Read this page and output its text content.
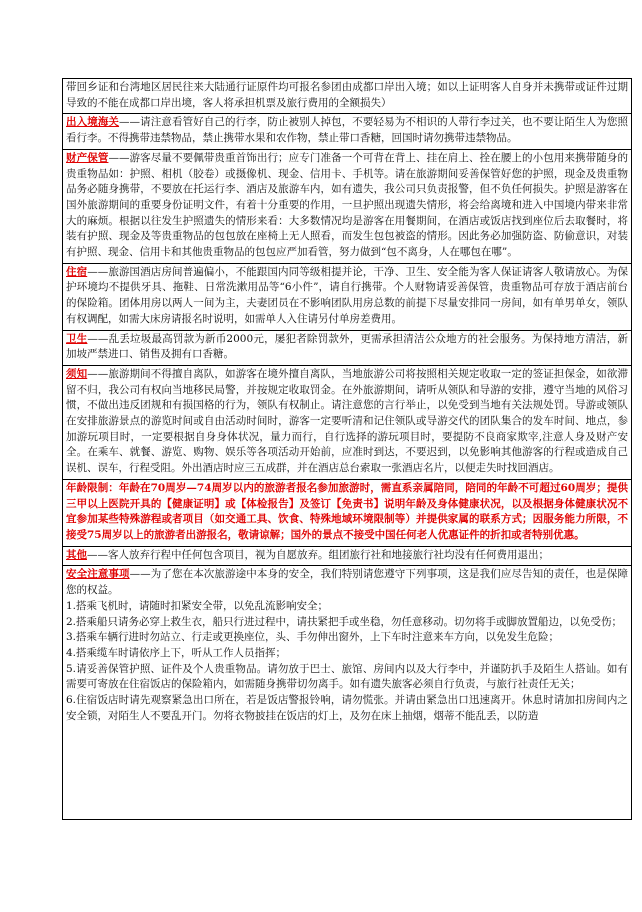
带回乡证和台湾地区居民往来大陆通行证原件均可报名参团由成都口岸出入境；如以上证明客人自身并未携带或证件过期导致的不能在成都口岸出境，客人将承担机票及旅行费用的全额损失）
出入境海关——请注意看管好自己的行李，防止被别人掉包，不要轻易为不相识的人带行李过关，也不要让陌生人为您照看行李。不得携带违禁物品，禁止携带水果和农作物，禁止带口香糖，回国时请勿携带违禁物品。
财产保管——游客尽量不要佩带贵重首饰出行；应专门准备一个可背在背上、挂在肩上、拴在腰上的小包用来携带随身的贵重物品如：护照、相机（胶卷）或摄像机、现金、信用卡、手机等。请在旅游期间妥善保管好您的护照，现金及贵重物品务必随身携带，不要放在托运行李、酒店及旅游车内，如有遗失，我公司只负责报警，但不负任何损失。护照是游客在国外旅游期间的重要身份证明文件，有着十分重要的作用，一旦护照出现遗失情形，将会给离境和进入中国境内带来非常大的麻烦。根据以往发生护照遗失的情形来看：大多数情况均是游客在用餐期间，在酒店或饭店找到座位后去取餐时，将装有护照、现金及等贵重物品的包包放在座椅上无人照看，而发生包包被盗的情形。因此务必加强防盗、防偷意识，对装有护照、现金、信用卡和其他贵重物品的包包应严加看管，努力做到“包不离身，人在哪包在哪”。
住宿——旅游国酒店房间普遍偏小，不能跟国内同等级相提并论，干净、卫生、安全能为客人保证请客人敬请放心。为保护环境均不提供牙具、拖鞋、日常洗漱用品等“6小件”，请自行携带。个人财物请妥善保管，贵重物品可存放于酒店前台的保险箱。团体用房以两人一间为主，夫妻团员在不影响团队用房总数的前提下尽量安排同一房间，如有单男单女，领队有权调配，如需大床房请报名时说明，如需单人入住请另付单房差费用。
卫生——乱丢垃圾最高罚款为新币2000元，屡犯者除罚款外，更需承担清洁公众地方的社会服务。为保持地方清洁，新加坡严禁进口、销售及拥有口香糖。
须知——旅游期间不得擅自离队，如游客在境外擅自离队，当地旅游公司将按照相关规定收取一定的签证担保金，如欲滞留不归，我公司有权向当地移民局警，并按规定收取罚金。在外旅游期间，请听从领队和导游的安排，遵守当地的风俗习惯，不做出违反团规和有损国格的行为，领队有权制止。请注意您的言行举止，以免受到当地有关法规处罚。导游或领队在安排旅游景点的游览时间或自由活动时间时，游客一定要听清和记住领队或导游交代的团队集合的发车时间、地点，参加游玩项目时，一定要根据自身身体状况，量力而行，自行选择的游玩项目时，要提防不良商家欺宰,注意人身及财产安全。在乘车、就餐、游览、购物、娱乐等各项活动开始前，应准时到达，不要迟到，以免影响其他游客的行程或造成自己误机、误车，行程受阻。外出酒店时应三五成群，并在酒店总台索取一张酒店名片，以便走失时找回酒店。
年龄限制：年龄在70周岁—74周岁以内的旅游者报名参加旅游时，需直系亲属陪同，陪同的年龄不可超过60周岁；提供三甲以上医院开具的【健康证明】或【体检报告】及签订【免责书】说明年龄及身体健康状况，以及根据身体健康状况不宜参加某些特殊游程或者项目（如交通工具、饮食、特殊地域环境限制等）并提供家属的联系方式；因服务能力所限，不接受75周岁以上的旅游者出游报名，敬请谅解；国外的景点不接受中国任何老人优惠证件的折扣或者特别优惠。
其他——客人放弃行程中任何包含项目，视为自愿放弃。组团旅行社和地接旅行社均没有任何费用退出；
安全注意事项——为了您在本次旅游途中本身的安全，我们特别请您遵守下列事项，这是我们应尽告知的责任，也是保障您的权益。
1.搭乘飞机时，请随时扣紧安全带，以免乱流影响安全；
2.搭乘船只请务必穿上救生衣，船只行进过程中，请扶紧把手或坐稳，勿任意移动。切勿将手或脚放置船边，以免受伤；
3.搭乘车辆行进时勿站立、行走或更换座位，头、手勿伸出窗外，上下车时注意来车方向，以免发生危险；
4.搭乘缆车时请依序上下，听从工作人员指挥；
5.请妥善保管护照、证件及个人贵重物品。请勿放于巴士、旅馆、房间内以及大行李中，并谨防扒手及陌生人搭讪。如有需要可寄放在住宿饭店的保险箱内，如需随身携带切勿离手。如有遗失旅客必须自行负责，与旅行社责任无关；
6.住宿饭店时请先观察紧急出口所在，若是饭店警报铃响，请勿慌张。并请由紧急出口迅速离开。休息时请加扣房间内之安全锁，对陌生人不要乱开门。勿将衣物披挂在饭店的灯上，及勿在床上抽烟，烟蒂不能乱丢，以防造
